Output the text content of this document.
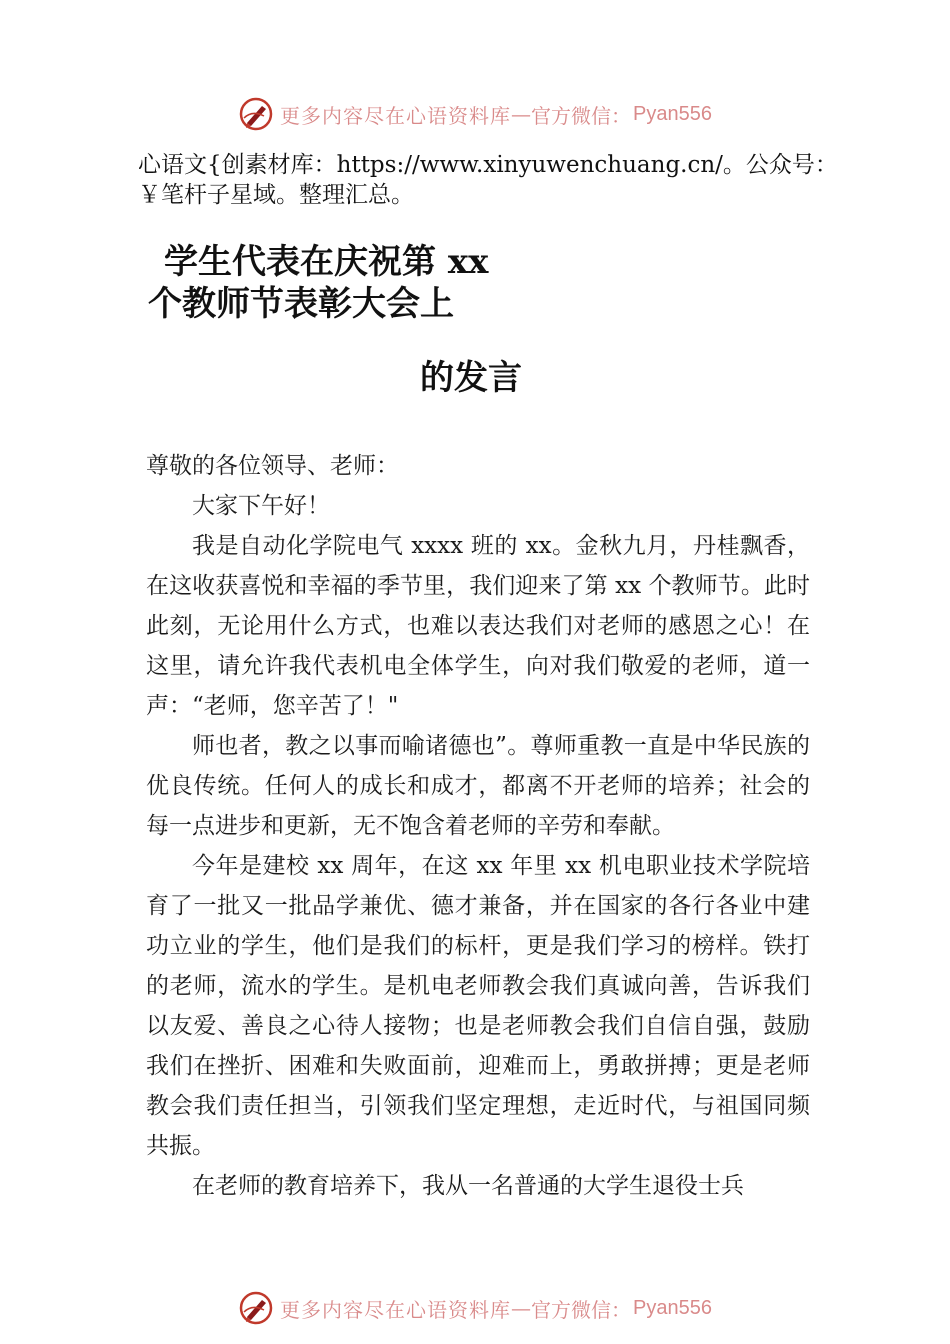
更多内容尽在心语资料库 — 官方微信： Pyan556
心语文{创素材库：https://www.xinyuwenchuang.cn/。公众号：￥笔杆子星域。整理汇总。
学生代表在庆祝第 xx
个教师节表彰大会上
的发言

尊敬的各位领导、老师：

大家下午好！

我是自动化学院电气 xxxx 班的 xx。金秋九月，丹桂飘香，在这收获喜悦和幸福的季节里，我们迎来了第 xx 个教师节。此时此刻，无论用什么方式，也难以表达我们对老师的感恩之心！在这里，请允许我代表机电全体学生，向对我们敬爱的老师，道一声：“老师，您辛苦了！"

师也者，教之以事而喻诸德也”。尊师重教一直是中华民族的优良传统。任何人的成长和成才，都离不开老师的培养；社会的每一点进步和更新，无不饱含着老师的辛劳和奉献。

今年是建校 xx 周年，在这 xx 年里 xx 机电职业技术学院培育了一批又一批品学兼优、德才兼备，并在国家的各行各业中建功立业的学生，他们是我们的标杆，更是我们学习的榜样。铁打的老师，流水的学生。是机电老师教会我们真诚向善，告诉我们以友爱、善良之心待人接物；也是老师教会我们自信自强，鼓励我们在挫折、困难和失败面前，迎难而上，勇敢拼搏；更是老师教会我们责任担当，引领我们坚定理想，走近时代，与祖国同频共振。

在老师的教育培养下，我从一名普通的大学生退役士兵

更多内容尽在心语资料库 — 官方微信： Pyan556
